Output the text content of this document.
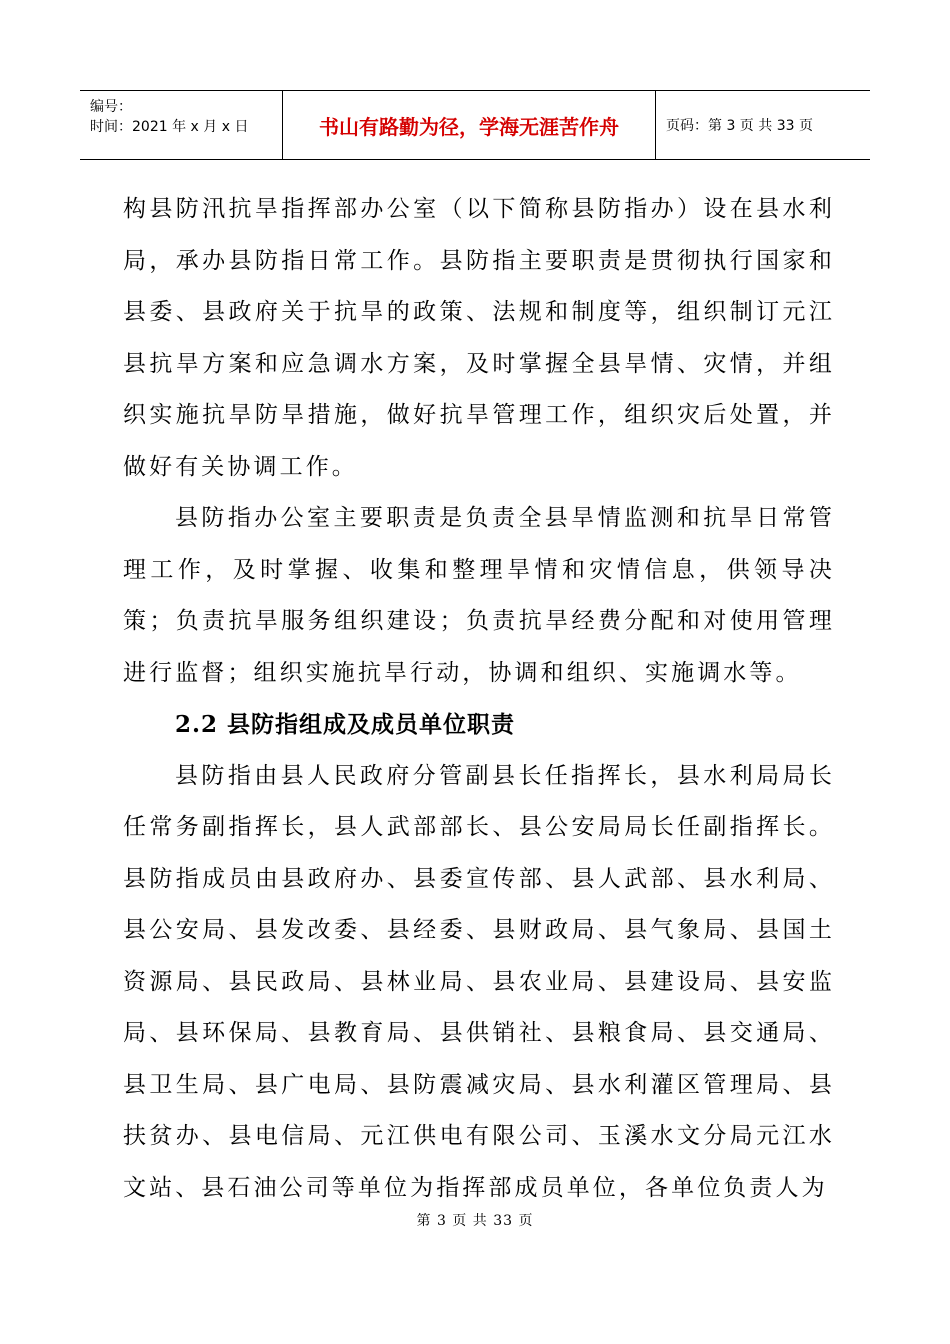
编号：
时间：2021 年 x 月 x 日	书山有路勤为径，学海无涯苦作舟	页码：第 3 页 共 33 页

构县防汛抗旱指挥部办公室（以下简称县防指办）设在县水利局，承办县防指日常工作。县防指主要职责是贯彻执行国家和县委、县政府关于抗旱的政策、法规和制度等，组织制订元江县抗旱方案和应急调水方案，及时掌握全县旱情、灾情，并组织实施抗旱防旱措施，做好抗旱管理工作，组织灾后处置，并做好有关协调工作。

县防指办公室主要职责是负责全县旱情监测和抗旱日常管理工作，及时掌握、收集和整理旱情和灾情信息，供领导决策；负责抗旱服务组织建设；负责抗旱经费分配和对使用管理进行监督；组织实施抗旱行动，协调和组织、实施调水等。

2.2 县防指组成及成员单位职责

县防指由县人民政府分管副县长任指挥长，县水利局局长任常务副指挥长，县人武部部长、县公安局局长任副指挥长。县防指成员由县政府办、县委宣传部、县人武部、县水利局、县公安局、县发改委、县经委、县财政局、县气象局、县国土资源局、县民政局、县林业局、县农业局、县建设局、县安监局、县环保局、县教育局、县供销社、县粮食局、县交通局、县卫生局、县广电局、县防震减灾局、县水利灌区管理局、县扶贫办、县电信局、元江供电有限公司、玉溪水文分局元江水文站、县石油公司等单位为指挥部成员单位，各单位负责人为

第 3 页 共 33 页
